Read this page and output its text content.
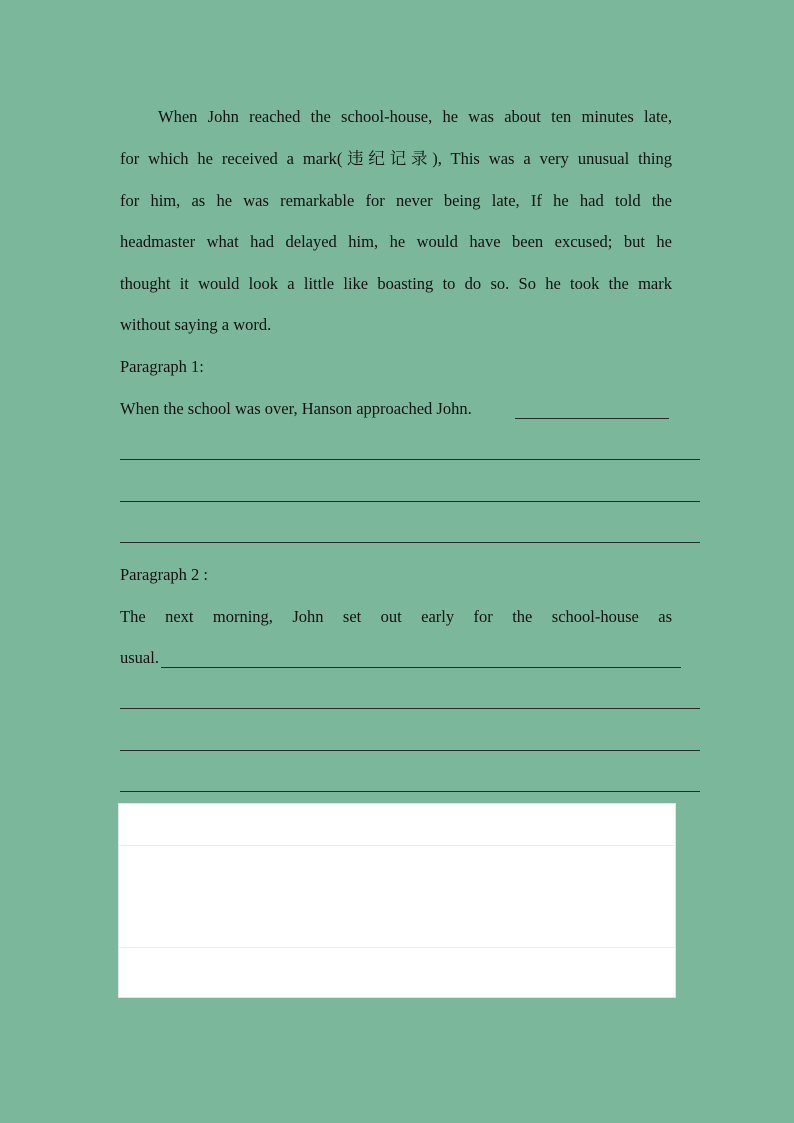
When John reached the school-house, he was about ten minutes late,
for which he received a mark(违纪记录), This was a very unusual thing
for him, as he was remarkable for never being late, If he had told the
headmaster what had delayed him, he would have been excused; but he
thought it would look a little like boasting to do so. So he took the mark
without saying a word.
Paragraph 1:
When the school was over, Hanson approached John.
Paragraph 2 :
The next morning, John set out early for the school-house as
usual.
